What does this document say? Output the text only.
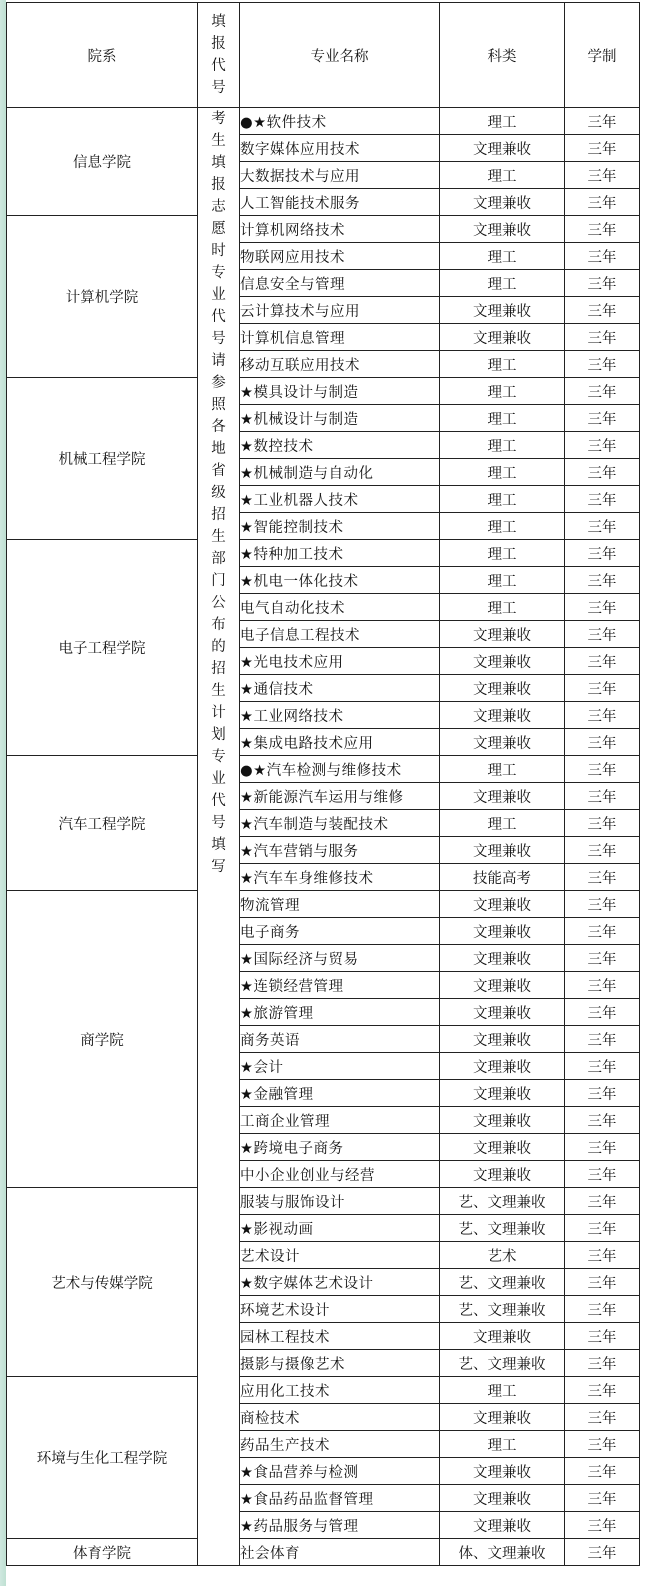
院系	填报代号	专业名称	科类	学制
信息学院	考生填报志愿时专业代号请参照各地省级招生部门公布的招生计划专业代号填写	●★软件技术	理工	三年
		数字媒体应用技术	文理兼收	三年
		大数据技术与应用	理工	三年
		人工智能技术服务	文理兼收	三年
计算机学院		计算机网络技术	文理兼收	三年
		物联网应用技术	理工	三年
		信息安全与管理	理工	三年
		云计算技术与应用	文理兼收	三年
		计算机信息管理	文理兼收	三年
		移动互联应用技术	理工	三年
机械工程学院		★模具设计与制造	理工	三年
		★机械设计与制造	理工	三年
		★数控技术	理工	三年
		★机械制造与自动化	理工	三年
		★工业机器人技术	理工	三年
		★智能控制技术	理工	三年
电子工程学院		★特种加工技术	理工	三年
		★机电一体化技术	理工	三年
		电气自动化技术	理工	三年
		电子信息工程技术	文理兼收	三年
		★光电技术应用	文理兼收	三年
		★通信技术	文理兼收	三年
		★工业网络技术	文理兼收	三年
		★集成电路技术应用	文理兼收	三年
汽车工程学院		●★汽车检测与维修技术	理工	三年
		★新能源汽车运用与维修	文理兼收	三年
		★汽车制造与装配技术	理工	三年
		★汽车营销与服务	文理兼收	三年
		★汽车车身维修技术	技能高考	三年
商学院		物流管理	文理兼收	三年
		电子商务	文理兼收	三年
		★国际经济与贸易	文理兼收	三年
		★连锁经营管理	文理兼收	三年
		★旅游管理	文理兼收	三年
		商务英语	文理兼收	三年
		★会计	文理兼收	三年
		★金融管理	文理兼收	三年
		工商企业管理	文理兼收	三年
		★跨境电子商务	文理兼收	三年
		中小企业创业与经营	文理兼收	三年
艺术与传媒学院		服装与服饰设计	艺、文理兼收	三年
		★影视动画	艺、文理兼收	三年
		艺术设计	艺术	三年
		★数字媒体艺术设计	艺、文理兼收	三年
		环境艺术设计	艺、文理兼收	三年
		园林工程技术	文理兼收	三年
		摄影与摄像艺术	艺、文理兼收	三年
环境与生化工程学院		应用化工技术	理工	三年
		商检技术	文理兼收	三年
		药品生产技术	理工	三年
		★食品营养与检测	文理兼收	三年
		★食品药品监督管理	文理兼收	三年
		★药品服务与管理	文理兼收	三年
体育学院		社会体育	体、文理兼收	三年
